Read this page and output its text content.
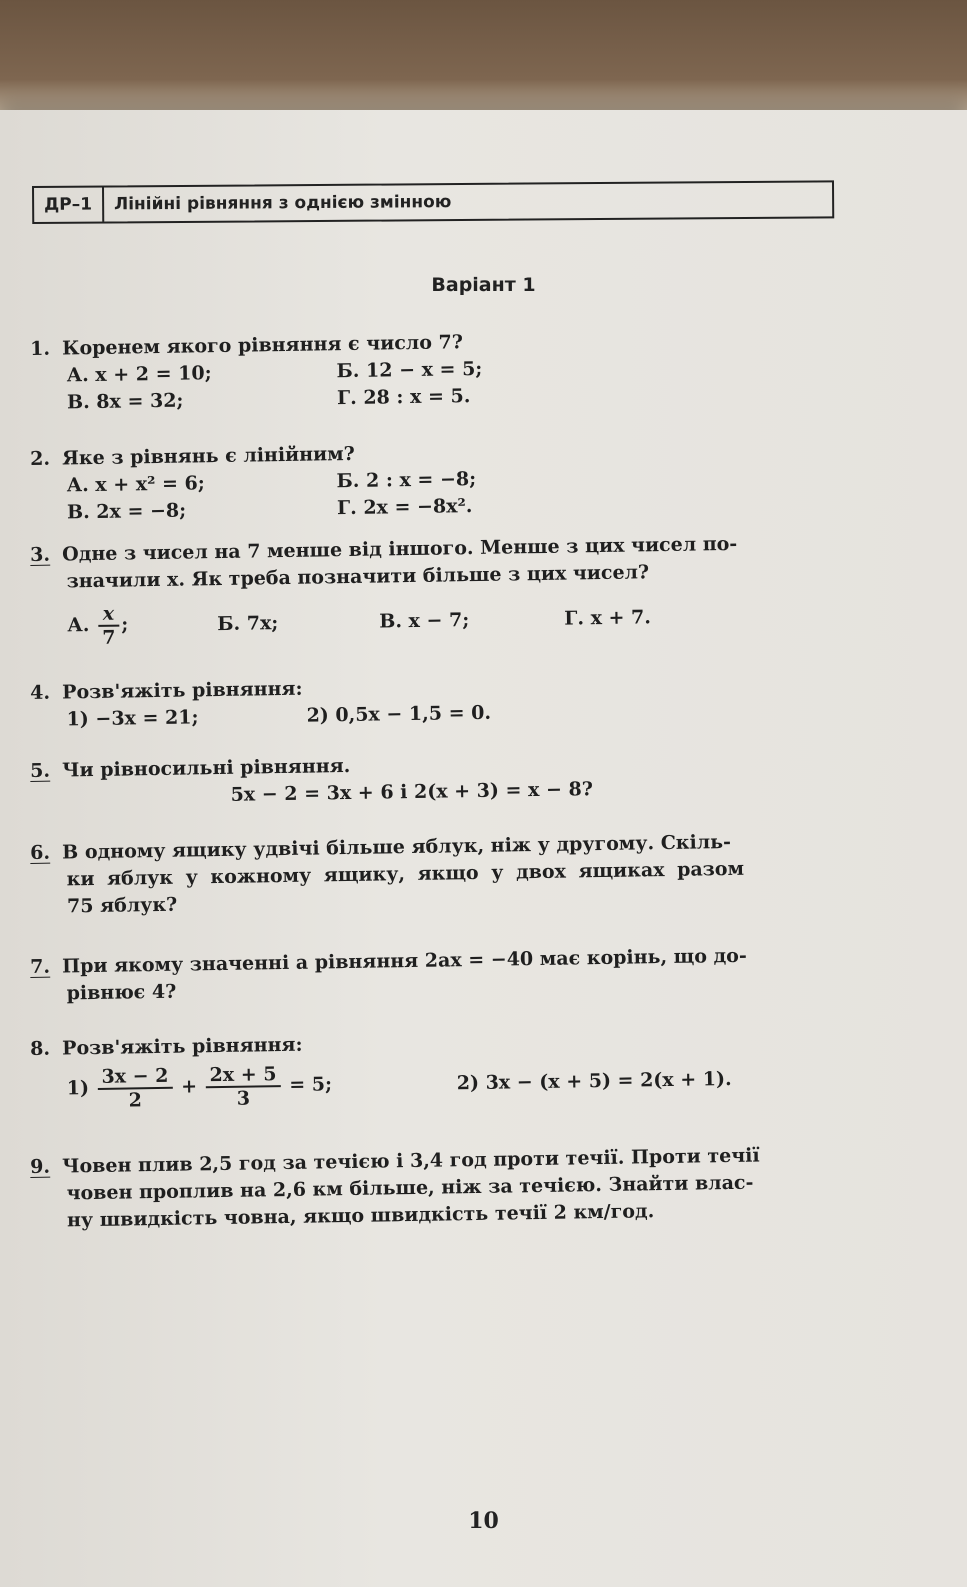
ДР–1	Лінійні рівняння з однією змінною
Варіант 1
1. Коренем якого рівняння є число 7?
А. x + 2 = 10;	Б. 12 − x = 5;
В. 8x = 32;	Г. 28 : x = 5.
2. Яке з рівнянь є лінійним?
А. x + x² = 6;	Б. 2 : x = −8;
В. 2x = −8;	Г. 2x = −8x².
3. Одне з чисел на 7 менше від іншого. Менше з цих чисел по-
значили x. Як треба позначити більше з цих чисел?
А. $\frac{x}{7}$ ;	Б. 7x;	В. x − 7;	Г. x + 7.
4. Розв'яжіть рівняння:
1) −3x = 21;	2) 0,5x − 1,5 = 0.
5. Чи рівносильні рівняння.
5x − 2 = 3x + 6 і 2(x + 3) = x − 8?
6. В одному ящику удвічі більше яблук, ніж у другому. Скіль-
ки яблук у кожному ящику, якщо у двох ящиках разом
75 яблук?
7. При якому значенні a рівняння 2ax = −40 має корінь, що до-
рівнює 4?
8. Розв'яжіть рівняння:
$1) \frac{3x - 2}{2} + \frac{2x + 5}{3} = 5$;	2) 3x − (x + 5) = 2(x + 1).
9. Човен плив 2,5 год за течією і 3,4 год проти течії. Проти течії
човен проплив на 2,6 км більше, ніж за течією. Знайти влас-
ну швидкість човна, якщо швидкість течії 2 км/год.
10
